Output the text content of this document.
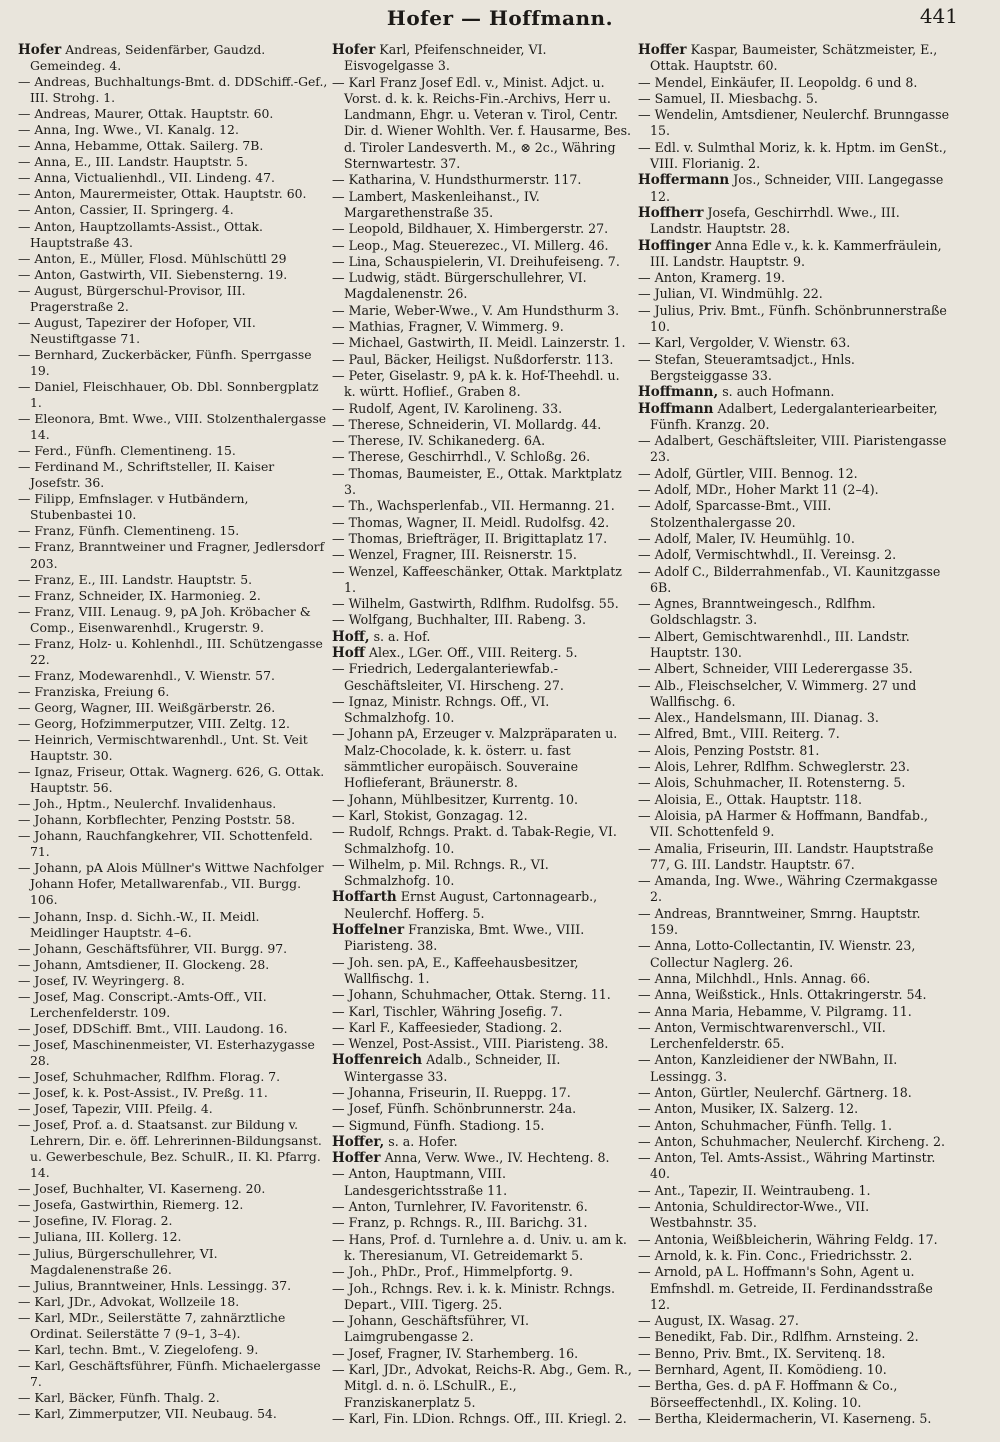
Hofer — Hoffmann.	441

Hofer Andreas, Seidenfärber, Gaudzd. Gemeindeg. 4.

— Andreas, Buchhaltungs-Bmt. d. DDSchiff.-Gef., III. Strohg. 1.

— Andreas, Maurer, Ottak. Hauptstr. 60.

— Anna, Ing. Wwe., VI. Kanalg. 12.

— Anna, Hebamme, Ottak. Sailerg. 7B.

— Anna, E., III. Landstr. Hauptstr. 5.

— Anna, Victualienhdl., VII. Lindeng. 47.

— Anton, Maurermeister, Ottak. Hauptstr. 60.

— Anton, Cassier, II. Springerg. 4.

— Anton, Hauptzollamts-Assist., Ottak. Hauptstraße 43.

— Anton, E., Müller, Flosd. Mühlschüttl 29

— Anton, Gastwirth, VII. Siebensterng. 19.

— August, Bürgerschul-Provisor, III. Pragerstraße 2.

— August, Tapezirer der Hofoper, VII. Neustiftgasse 71.

— Bernhard, Zuckerbäcker, Fünfh. Sperrgasse 19.

— Daniel, Fleischhauer, Ob. Dbl. Sonnbergplatz 1.

— Eleonora, Bmt. Wwe., VIII. Stolzenthalergasse 14.

— Ferd., Fünfh. Clementineng. 15.

— Ferdinand M., Schriftsteller, II. Kaiser Josefstr. 36.

— Filipp, Emfnslager. v Hutbändern, Stubenbastei 10.

— Franz, Fünfh. Clementineng. 15.

— Franz, Branntweiner und Fragner, Jedlersdorf 203.

— Franz, E., III. Landstr. Hauptstr. 5.

— Franz, Schneider, IX. Harmonieg. 2.

— Franz, VIII. Lenaug. 9, pA Joh. Kröbacher & Comp., Eisenwarenhdl., Krugerstr. 9.

— Franz, Holz- u. Kohlenhdl., III. Schützengasse 22.

— Franz, Modewarenhdl., V. Wienstr. 57.

— Franziska, Freiung 6.

— Georg, Wagner, III. Weißgärberstr. 26.

— Georg, Hofzimmerputzer, VIII. Zeltg. 12.

— Heinrich, Vermischtwarenhdl., Unt. St. Veit Hauptstr. 30.

— Ignaz, Friseur, Ottak. Wagnerg. 626, G. Ottak. Hauptstr. 56.

— Joh., Hptm., Neulerchf. Invalidenhaus.

— Johann, Korbflechter, Penzing Poststr. 58.

— Johann, Rauchfangkehrer, VII. Schottenfeld. 71.

— Johann, pA Alois Müllner's Wittwe Nachfolger Johann Hofer, Metallwarenfab., VII. Burgg. 106.

— Johann, Insp. d. Sichh.-W., II. Meidl. Meidlinger Hauptstr. 4–6.

— Johann, Geschäftsführer, VII. Burgg. 97.

— Johann, Amtsdiener, II. Glockeng. 28.

— Josef, IV. Weyringerg. 8.

— Josef, Mag. Conscript.-Amts-Off., VII. Lerchenfelderstr. 109.

— Josef, DDSchiff. Bmt., VIII. Laudong. 16.

— Josef, Maschinenmeister, VI. Esterhazygasse 28.

— Josef, Schuhmacher, Rdlfhm. Florag. 7.

— Josef, k. k. Post-Assist., IV. Preßg. 11.

— Josef, Tapezir, VIII. Pfeilg. 4.

— Josef, Prof. a. d. Staatsanst. zur Bildung v. Lehrern, Dir. e. öff. Lehrerinnen-Bildungsanst. u. Gewerbeschule, Bez. SchulR., II. Kl. Pfarrg. 14.

— Josef, Buchhalter, VI. Kaserneng. 20.

— Josefa, Gastwirthin, Riemerg. 12.

— Josefine, IV. Florag. 2.

— Juliana, III. Kollerg. 12.

— Julius, Bürgerschullehrer, VI. Magdalenenstraße 26.

— Julius, Branntweiner, Hnls. Lessingg. 37.

— Karl, JDr., Advokat, Wollzeile 18.

— Karl, MDr., Seilerstätte 7, zahnärztliche Ordinat. Seilerstätte 7 (9–1, 3–4).

— Karl, techn. Bmt., V. Ziegelofeng. 9.

— Karl, Geschäftsführer, Fünfh. Michaelergasse 7.

— Karl, Bäcker, Fünfh. Thalg. 2.

— Karl, Zimmerputzer, VII. Neubaug. 54.

Hofer Karl, Pfeifenschneider, VI. Eisvogelgasse 3.

— Karl Franz Josef Edl. v., Minist. Adjct. u. Vorst. d. k. k. Reichs-Fin.-Archivs, Herr u. Landmann, Ehgr. u. Veteran v. Tirol, Centr. Dir. d. Wiener Wohlth. Ver. f. Hausarme, Bes. d. Tiroler Landesverth. M., ⊗ 2c., Währing Sternwartestr. 37.

— Katharina, V. Hundsthurmerstr. 117.

— Lambert, Maskenleihanst., IV. Margarethenstraße 35.

— Leopold, Bildhauer, X. Himbergerstr. 27.

— Leop., Mag. Steuerezec., VI. Millerg. 46.

— Lina, Schauspielerin, VI. Dreihufeiseng. 7.

— Ludwig, städt. Bürgerschullehrer, VI. Magdalenenstr. 26.

— Marie, Weber-Wwe., V. Am Hundsthurm 3.

— Mathias, Fragner, V. Wimmerg. 9.

— Michael, Gastwirth, II. Meidl. Lainzerstr. 1.

— Paul, Bäcker, Heiligst. Nußdorferstr. 113.

— Peter, Giselastr. 9, pA k. k. Hof-Theehdl. u. k. württ. Hoflief., Graben 8.

— Rudolf, Agent, IV. Karolineng. 33.

— Therese, Schneiderin, VI. Mollardg. 44.

— Therese, IV. Schikanederg. 6A.

— Therese, Geschirrhdl., V. Schloßg. 26.

— Thomas, Baumeister, E., Ottak. Marktplatz 3.

— Th., Wachsperlenfab., VII. Hermanng. 21.

— Thomas, Wagner, II. Meidl. Rudolfsg. 42.

— Thomas, Briefträger, II. Brigittaplatz 17.

— Wenzel, Fragner, III. Reisnerstr. 15.

— Wenzel, Kaffeeschänker, Ottak. Marktplatz 1.

— Wilhelm, Gastwirth, Rdlfhm. Rudolfsg. 55.

— Wolfgang, Buchhalter, III. Rabeng. 3.

Hoff, s. a. Hof.

Hoff Alex., LGer. Off., VIII. Reiterg. 5.

— Friedrich, Ledergalanteriewfab.-Geschäftsleiter, VI. Hirscheng. 27.

— Ignaz, Ministr. Rchngs. Off., VI. Schmalzhofg. 10.

— Johann pA, Erzeuger v. Malzpräparaten u. Malz-Chocolade, k. k. österr. u. fast sämmtlicher europäisch. Souveraine Hoflieferant, Bräunerstr. 8.

— Johann, Mühlbesitzer, Kurrentg. 10.

— Karl, Stokist, Gonzagag. 12.

— Rudolf, Rchngs. Prakt. d. Tabak-Regie, VI. Schmalzhofg. 10.

— Wilhelm, p. Mil. Rchngs. R., VI. Schmalzhofg. 10.

Hoffarth Ernst August, Cartonnagearb., Neulerchf. Hofferg. 5.

Hoffelner Franziska, Bmt. Wwe., VIII. Piaristeng. 38.

— Joh. sen. pA, E., Kaffeehausbesitzer, Wallfischg. 1.

— Johann, Schuhmacher, Ottak. Sterng. 11.

— Karl, Tischler, Währing Josefig. 7.

— Karl F., Kaffeesieder, Stadiong. 2.

— Wenzel, Post-Assist., VIII. Piaristeng. 38.

Hoffenreich Adalb., Schneider, II. Wintergasse 33.

— Johanna, Friseurin, II. Rueppg. 17.

— Josef, Fünfh. Schönbrunnerstr. 24a.

— Sigmund, Fünfh. Stadiong. 15.

Hoffer, s. a. Hofer.

Hoffer Anna, Verw. Wwe., IV. Hechteng. 8.

— Anton, Hauptmann, VIII. Landesgerichtsstraße 11.

— Anton, Turnlehrer, IV. Favoritenstr. 6.

— Franz, p. Rchngs. R., III. Barichg. 31.

— Hans, Prof. d. Turnlehre a. d. Univ. u. am k. k. Theresianum, VI. Getreidemarkt 5.

— Joh., PhDr., Prof., Himmelpfortg. 9.

— Joh., Rchngs. Rev. i. k. k. Ministr. Rchngs. Depart., VIII. Tigerg. 25.

— Johann, Geschäftsführer, VI. Laimgrubengasse 2.

— Josef, Fragner, IV. Starhemberg. 16.

— Karl, JDr., Advokat, Reichs-R. Abg., Gem. R., Mitgl. d. n. ö. LSchulR., E., Franziskanerplatz 5.

— Karl, Fin. LDion. Rchngs. Off., III. Kriegl. 2.

Hoffer Kaspar, Baumeister, Schätzmeister, E., Ottak. Hauptstr. 60.

— Mendel, Einkäufer, II. Leopoldg. 6 und 8.

— Samuel, II. Miesbachg. 5.

— Wendelin, Amtsdiener, Neulerchf. Brunngasse 15.

— Edl. v. Sulmthal Moriz, k. k. Hptm. im GenSt., VIII. Florianig. 2.

Hoffermann Jos., Schneider, VIII. Langegasse 12.

Hoffherr Josefa, Geschirrhdl. Wwe., III. Landstr. Hauptstr. 28.

Hoffinger Anna Edle v., k. k. Kammerfräulein, III. Landstr. Hauptstr. 9.

— Anton, Kramerg. 19.

— Julian, VI. Windmühlg. 22.

— Julius, Priv. Bmt., Fünfh. Schönbrunnerstraße 10.

— Karl, Vergolder, V. Wienstr. 63.

— Stefan, Steueramtsadjct., Hnls. Bergsteiggasse 33.

Hoffmann, s. auch Hofmann.

Hoffmann Adalbert, Ledergalanteriearbeiter, Fünfh. Kranzg. 20.

— Adalbert, Geschäftsleiter, VIII. Piaristengasse 23.

— Adolf, Gürtler, VIII. Bennog. 12.

— Adolf, MDr., Hoher Markt 11 (2–4).

— Adolf, Sparcasse-Bmt., VIII. Stolzenthalergasse 20.

— Adolf, Maler, IV. Heumühlg. 10.

— Adolf, Vermischtwhdl., II. Vereinsg. 2.

— Adolf C., Bilderrahmenfab., VI. Kaunitzgasse 6B.

— Agnes, Branntweingesch., Rdlfhm. Goldschlagstr. 3.

— Albert, Gemischtwarenhdl., III. Landstr. Hauptstr. 130.

— Albert, Schneider, VIII Lederergasse 35.

— Alb., Fleischselcher, V. Wimmerg. 27 und Wallfischg. 6.

— Alex., Handelsmann, III. Dianag. 3.

— Alfred, Bmt., VIII. Reiterg. 7.

— Alois, Penzing Poststr. 81.

— Alois, Lehrer, Rdlfhm. Schweglerstr. 23.

— Alois, Schuhmacher, II. Rotensterng. 5.

— Aloisia, E., Ottak. Hauptstr. 118.

— Aloisia, pA Harmer & Hoffmann, Bandfab., VII. Schottenfeld 9.

— Amalia, Friseurin, III. Landstr. Hauptstraße 77, G. III. Landstr. Hauptstr. 67.

— Amanda, Ing. Wwe., Währing Czermakgasse 2.

— Andreas, Branntweiner, Smrng. Hauptstr. 159.

— Anna, Lotto-Collectantin, IV. Wienstr. 23, Collectur Naglerg. 26.

— Anna, Milchhdl., Hnls. Annag. 66.

— Anna, Weißstick., Hnls. Ottakringerstr. 54.

— Anna Maria, Hebamme, V. Pilgramg. 11.

— Anton, Vermischtwarenverschl., VII. Lerchenfelderstr. 65.

— Anton, Kanzleidiener der NWBahn, II. Lessingg. 3.

— Anton, Gürtler, Neulerchf. Gärtnerg. 18.

— Anton, Musiker, IX. Salzerg. 12.

— Anton, Schuhmacher, Fünfh. Tellg. 1.

— Anton, Schuhmacher, Neulerchf. Kircheng. 2.

— Anton, Tel. Amts-Assist., Währing Martinstr. 40.

— Ant., Tapezir, II. Weintraubeng. 1.

— Antonia, Schuldirector-Wwe., VII. Westbahnstr. 35.

— Antonia, Weißbleicherin, Währing Feldg. 17.

— Arnold, k. k. Fin. Conc., Friedrichsstr. 2.

— Arnold, pA L. Hoffmann's Sohn, Agent u. Emfnshdl. m. Getreide, II. Ferdinandsstraße 12.

— August, IX. Wasag. 27.

— Benedikt, Fab. Dir., Rdlfhm. Arnsteing. 2.

— Benno, Priv. Bmt., IX. Servitenq. 18.

— Bernhard, Agent, II. Komödieng. 10.

— Bertha, Ges. d. pA F. Hoffmann & Co., Börseeffectenhdl., IX. Koling. 10.

— Bertha, Kleidermacherin, VI. Kaserneng. 5.
